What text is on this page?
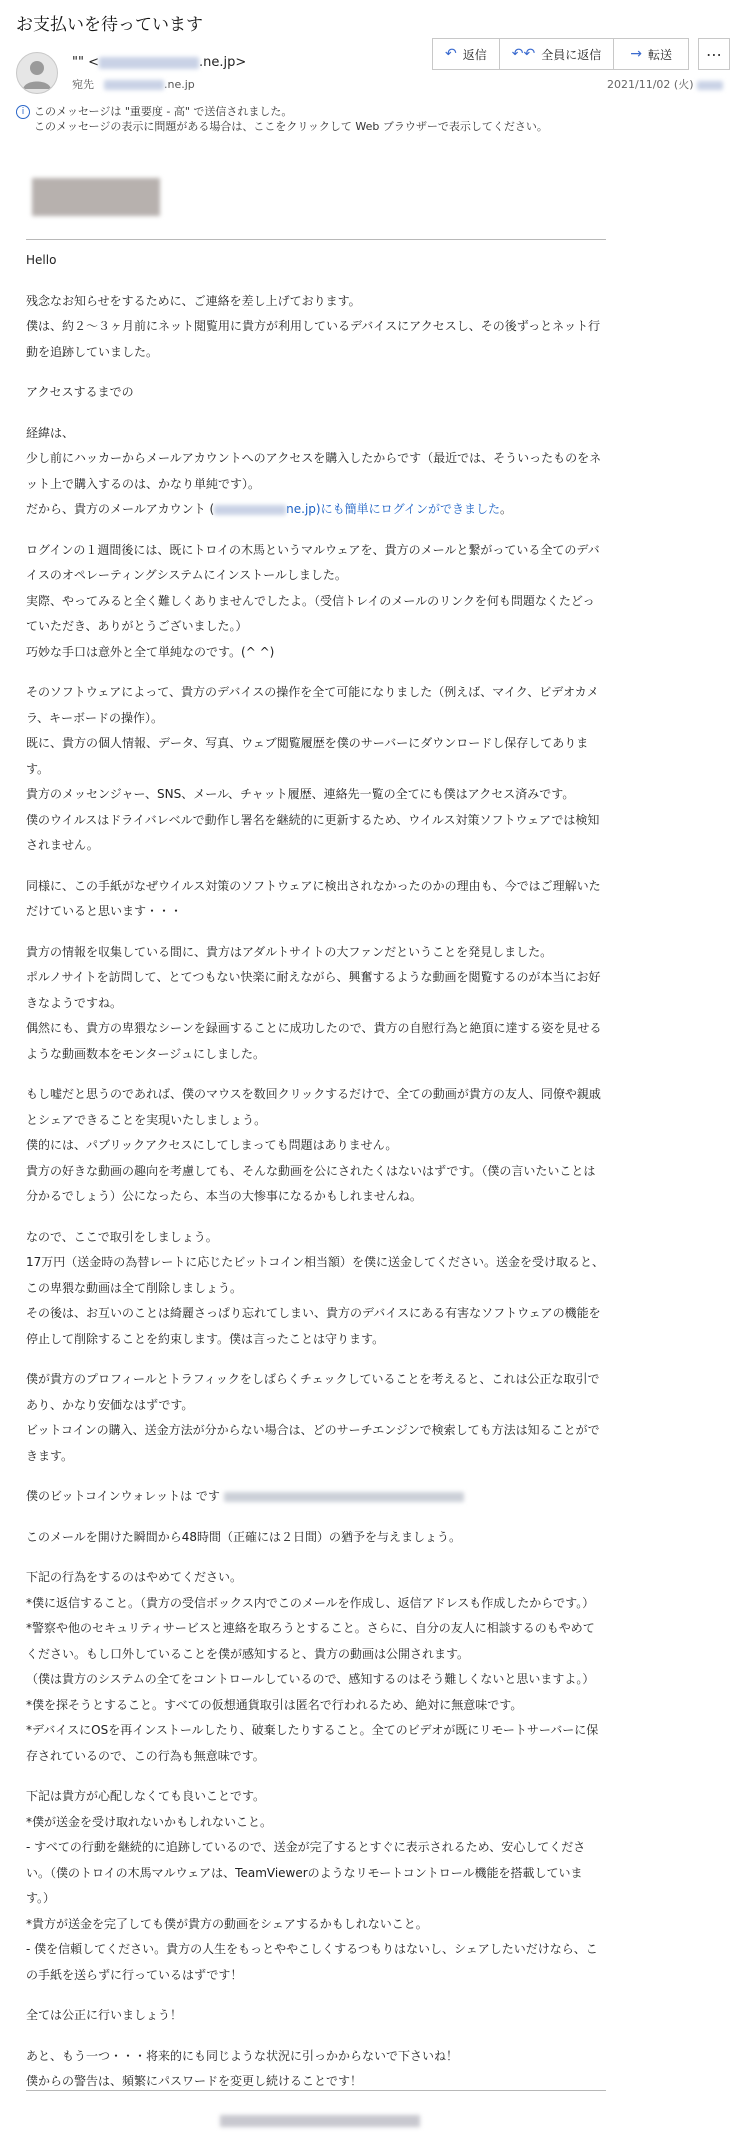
お支払いを待っています
"" <	.ne.jp>
宛先	.ne.jp
↶ 返信 ↶↶ 全員に返信 → 転送	⋯
2021/11/02 (火)
i このメッセージは "重要度 - 高" で送信されました。
このメッセージの表示に問題がある場合は、ここをクリックして Web ブラウザーで表示してください。

Hello

残念なお知らせをするために、ご連絡を差し上げております。
僕は、約２～３ヶ月前にネット閲覧用に貴方が利用しているデバイスにアクセスし、その後ずっとネット行動を追跡していました。

アクセスするまでの

経緯は、
少し前にハッカーからメールアカウントへのアクセスを購入したからです（最近では、そういったものをネット上で購入するのは、かなり単純です）。
だから、貴方のメールアカウント (	ne.jp)にも簡単にログインができました。

ログインの１週間後には、既にトロイの木馬というマルウェアを、貴方のメールと繋がっている全てのデバイスのオペレーティングシステムにインストールしました。
実際、やってみると全く難しくありませんでしたよ。（受信トレイのメールのリンクを何も問題なくたどっていただき、ありがとうございました。）
巧妙な手口は意外と全て単純なのです。(^ ^)

そのソフトウェアによって、貴方のデバイスの操作を全て可能になりました（例えば、マイク、ビデオカメラ、キーボードの操作）。
既に、貴方の個人情報、データ、写真、ウェブ閲覧履歴を僕のサーバーにダウンロードし保存してあります。
貴方のメッセンジャー、SNS、メール、チャット履歴、連絡先一覧の全てにも僕はアクセス済みです。
僕のウイルスはドライバレベルで動作し署名を継続的に更新するため、ウイルス対策ソフトウェアでは検知されません。

同様に、この手紙がなぜウイルス対策のソフトウェアに検出されなかったのかの理由も、今ではご理解いただけていると思います・・・

貴方の情報を収集している間に、貴方はアダルトサイトの大ファンだということを発見しました。
ポルノサイトを訪問して、とてつもない快楽に耐えながら、興奮するような動画を閲覧するのが本当にお好きなようですね。
偶然にも、貴方の卑猥なシーンを録画することに成功したので、貴方の自慰行為と絶頂に達する姿を見せるような動画数本をモンタージュにしました。

もし嘘だと思うのであれば、僕のマウスを数回クリックするだけで、全ての動画が貴方の友人、同僚や親戚とシェアできることを実現いたしましょう。
僕的には、パブリックアクセスにしてしまっても問題はありません。
貴方の好きな動画の趣向を考慮しても、そんな動画を公にされたくはないはずです。（僕の言いたいことは分かるでしょう）公になったら、本当の大惨事になるかもしれませんね。

なので、ここで取引をしましょう。
17万円（送金時の為替レートに応じたビットコイン相当額）を僕に送金してください。送金を受け取ると、この卑猥な動画は全て削除しましょう。
その後は、お互いのことは綺麗さっぱり忘れてしまい、貴方のデバイスにある有害なソフトウェアの機能を停止して削除することを約束します。僕は言ったことは守ります。

僕が貴方のプロフィールとトラフィックをしばらくチェックしていることを考えると、これは公正な取引であり、かなり安価なはずです。
ビットコインの購入、送金方法が分からない場合は、どのサーチエンジンで検索しても方法は知ることができます。

僕のビットコインウォレットは です

このメールを開けた瞬間から48時間（正確には２日間）の猶予を与えましょう。

下記の行為をするのはやめてください。
*僕に返信すること。（貴方の受信ボックス内でこのメールを作成し、返信アドレスも作成したからです。）
*警察や他のセキュリティサービスと連絡を取ろうとすること。さらに、自分の友人に相談するのもやめてください。もし口外していることを僕が感知すると、貴方の動画は公開されます。
（僕は貴方のシステムの全てをコントロールしているので、感知するのはそう難しくないと思いますよ。）
*僕を探そうとすること。すべての仮想通貨取引は匿名で行われるため、絶対に無意味です。
*デバイスにOSを再インストールしたり、破棄したりすること。全てのビデオが既にリモートサーバーに保存されているので、この行為も無意味です。

下記は貴方が心配しなくても良いことです。
*僕が送金を受け取れないかもしれないこと。
- すべての行動を継続的に追跡しているので、送金が完了するとすぐに表示されるため、安心してください。（僕のトロイの木馬マルウェアは、TeamViewerのようなリモートコントロール機能を搭載しています。）
*貴方が送金を完了しても僕が貴方の動画をシェアするかもしれないこと。
- 僕を信頼してください。貴方の人生をもっとややこしくするつもりはないし、シェアしたいだけなら、この手紙を送らずに行っているはずです！

全ては公正に行いましょう！

あと、もう一つ・・・将来的にも同じような状況に引っかからないで下さいね！
僕からの警告は、頻繁にパスワードを変更し続けることです！
